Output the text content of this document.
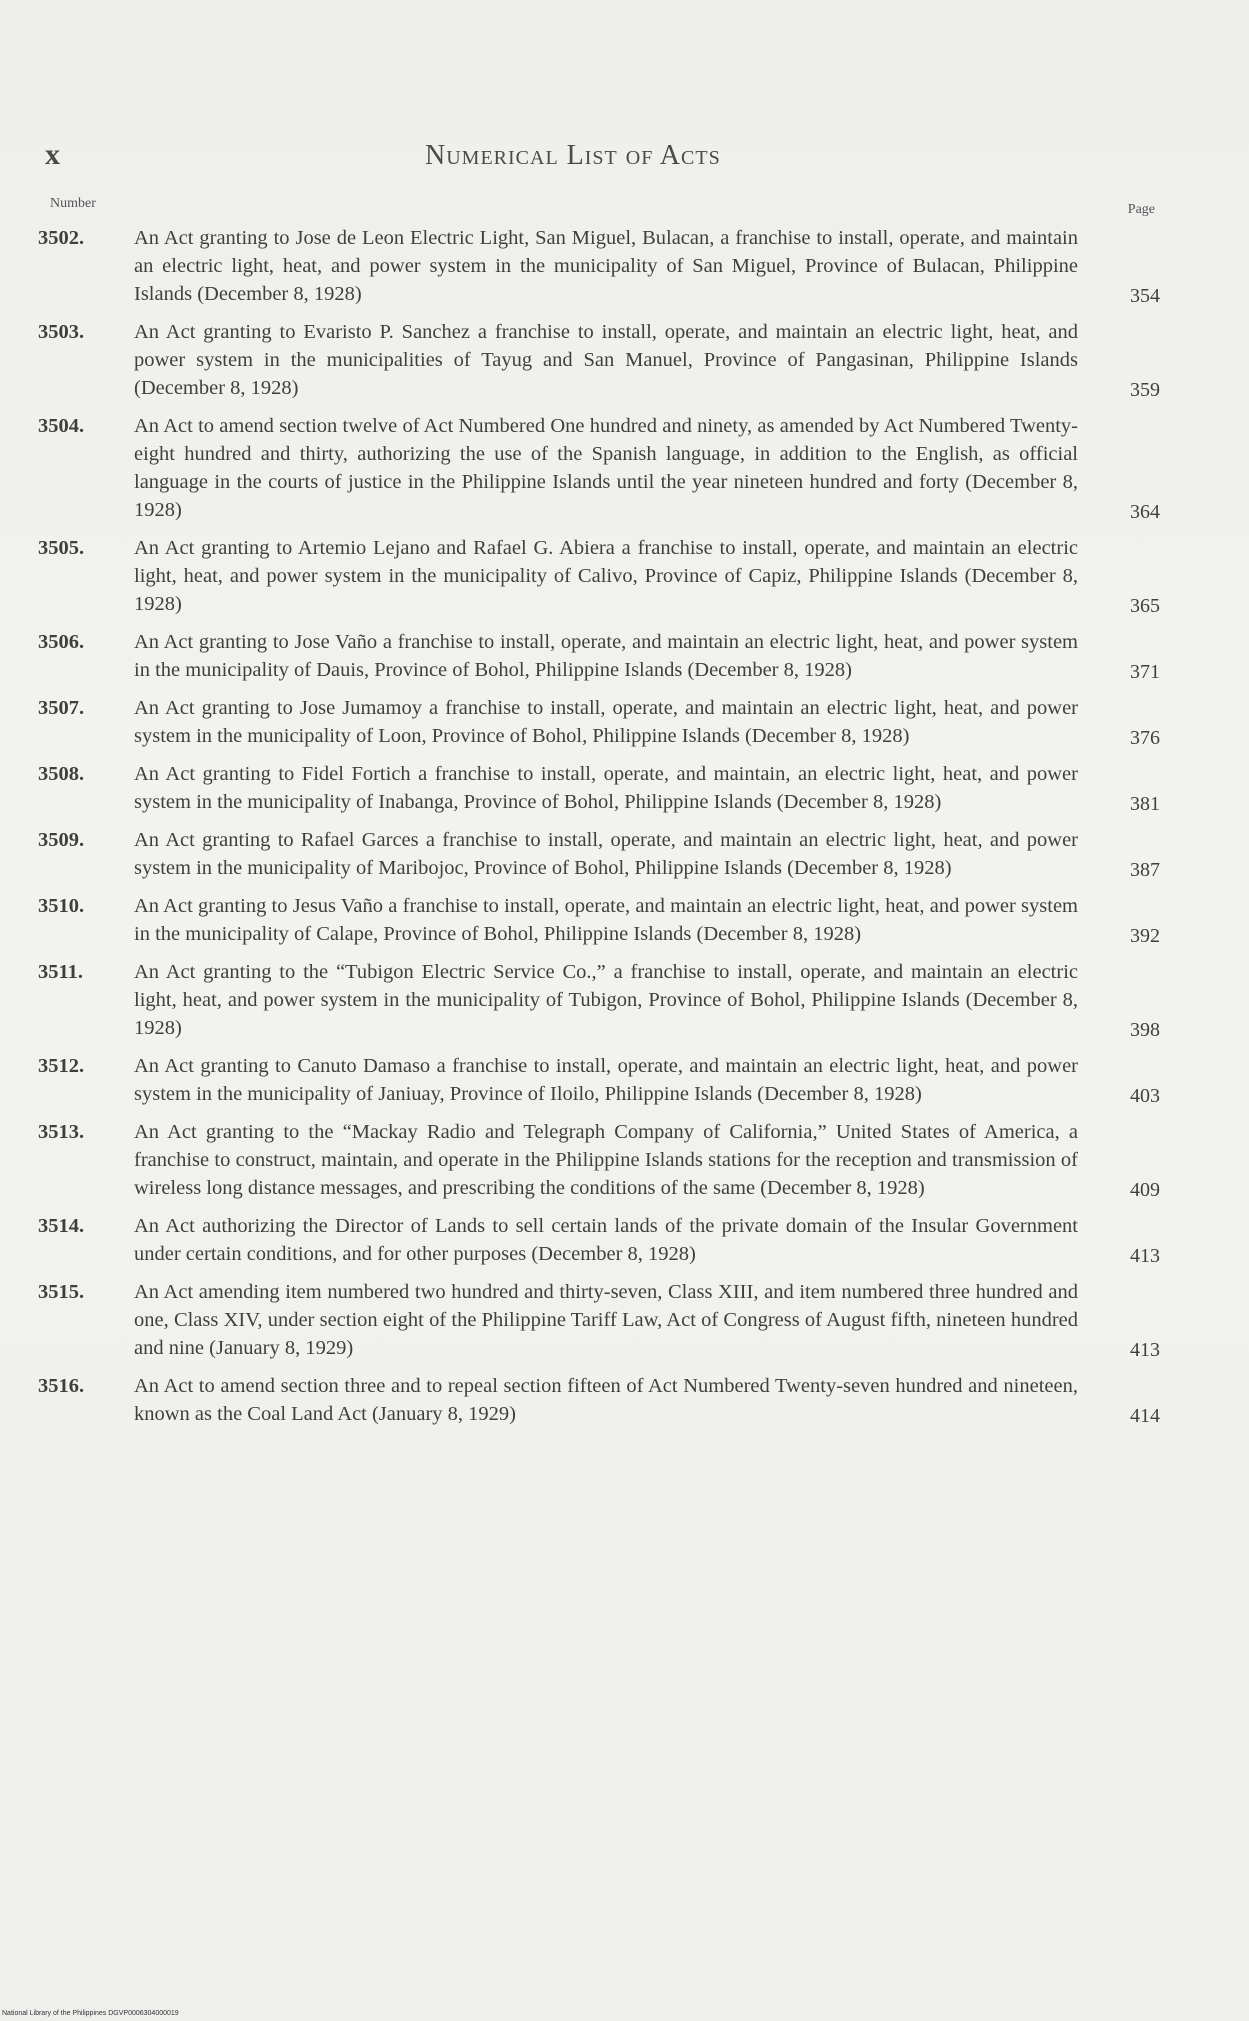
x	Numerical List of Acts
Number	Page
3502. An Act granting to Jose de Leon Electric Light, San Miguel, Bulacan, a franchise to install, operate, and maintain an electric light, heat, and power system in the municipality of San Miguel, Province of Bulacan, Philippine Islands (December 8, 1928)	354
3503. An Act granting to Evaristo P. Sanchez a franchise to install, operate, and maintain an electric light, heat, and power system in the municipalities of Tayug and San Manuel, Province of Pangasinan, Philippine Islands (December 8, 1928)	359
3504. An Act to amend section twelve of Act Numbered One hundred and ninety, as amended by Act Numbered Twenty-eight hundred and thirty, authorizing the use of the Spanish language, in addition to the English, as official language in the courts of justice in the Philippine Islands until the year nineteen hundred and forty (December 8, 1928)	364
3505. An Act granting to Artemio Lejano and Rafael G. Abiera a franchise to install, operate, and maintain an electric light, heat, and power system in the municipality of Calivo, Province of Capiz, Philippine Islands (December 8, 1928)	365
3506. An Act granting to Jose Vaño a franchise to install, operate, and maintain an electric light, heat, and power system in the municipality of Dauis, Province of Bohol, Philippine Islands (December 8, 1928)	371
3507. An Act granting to Jose Jumamoy a franchise to install, operate, and maintain an electric light, heat, and power system in the municipality of Loon, Province of Bohol, Philippine Islands (December 8, 1928)	376
3508. An Act granting to Fidel Fortich a franchise to install, operate, and maintain, an electric light, heat, and power system in the municipality of Inabanga, Province of Bohol, Philippine Islands (December 8, 1928)	381
3509. An Act granting to Rafael Garces a franchise to install, operate, and maintain an electric light, heat, and power system in the municipality of Maribojoc, Province of Bohol, Philippine Islands (December 8, 1928)	387
3510. An Act granting to Jesus Vaño a franchise to install, operate, and maintain an electric light, heat, and power system in the municipality of Calape, Province of Bohol, Philippine Islands (December 8, 1928)	392
3511. An Act granting to the “Tubigon Electric Service Co.,” a franchise to install, operate, and maintain an electric light, heat, and power system in the municipality of Tubigon, Province of Bohol, Philippine Islands (December 8, 1928)	398
3512. An Act granting to Canuto Damaso a franchise to install, operate, and maintain an electric light, heat, and power system in the municipality of Janiuay, Province of Iloilo, Philippine Islands (December 8, 1928)	403
3513. An Act granting to the “Mackay Radio and Telegraph Company of California,” United States of America, a franchise to construct, maintain, and operate in the Philippine Islands stations for the reception and transmission of wireless long distance messages, and prescribing the conditions of the same (December 8, 1928)	409
3514. An Act authorizing the Director of Lands to sell certain lands of the private domain of the Insular Government under certain conditions, and for other purposes (December 8, 1928)	413
3515. An Act amending item numbered two hundred and thirty-seven, Class XIII, and item numbered three hundred and one, Class XIV, under section eight of the Philippine Tariff Law, Act of Congress of August fifth, nineteen hundred and nine (January 8, 1929)	413
3516. An Act to amend section three and to repeal section fifteen of Act Numbered Twenty-seven hundred and nineteen, known as the Coal Land Act (January 8, 1929)	414
National Library of the Philippines DGVP0006304000019
